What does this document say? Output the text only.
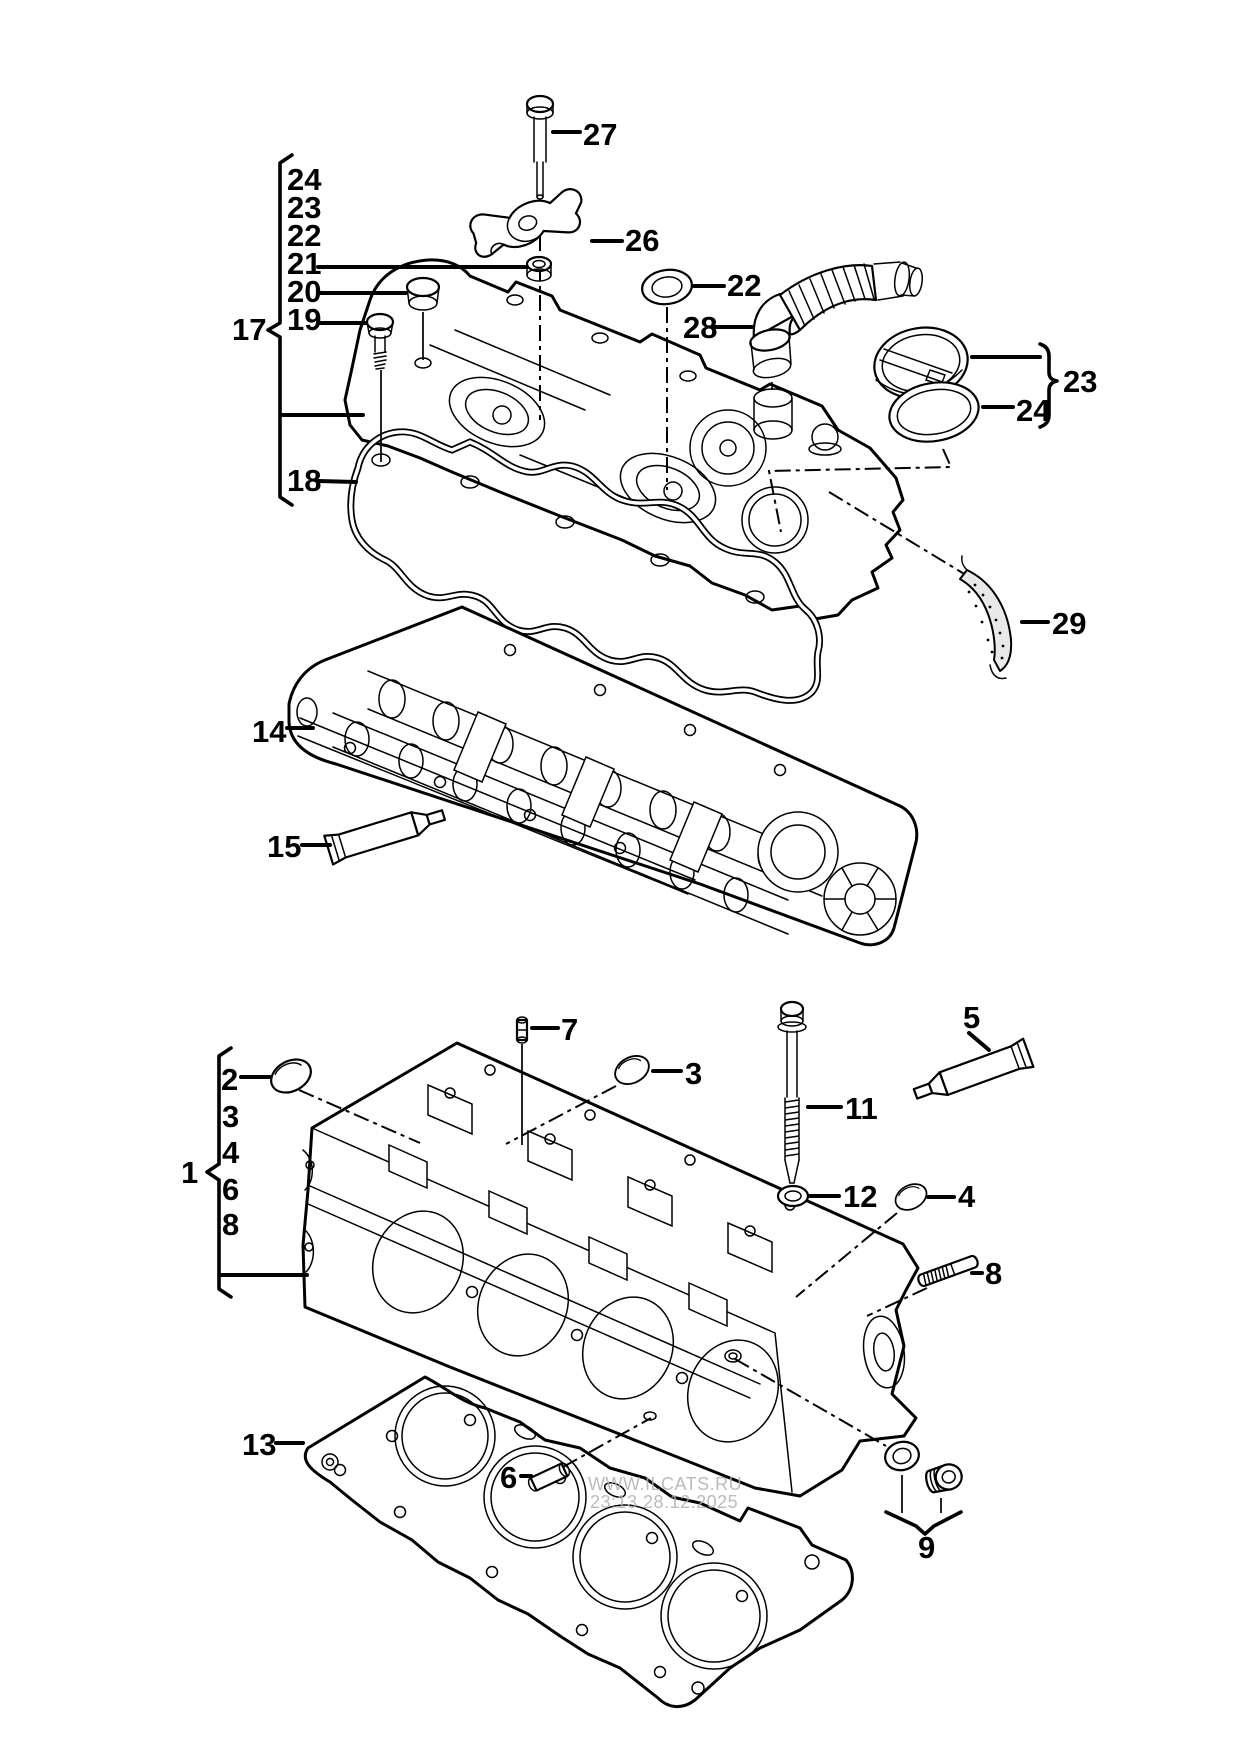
27
24
23
22
21
20
19
17
26
22
28
23
24
29
18
14
15
7	5
2
3
4
6
8
1
3
11
12	4
8
13
6
9
WWW.ILCATS.RU
23:13 28.12.2025
